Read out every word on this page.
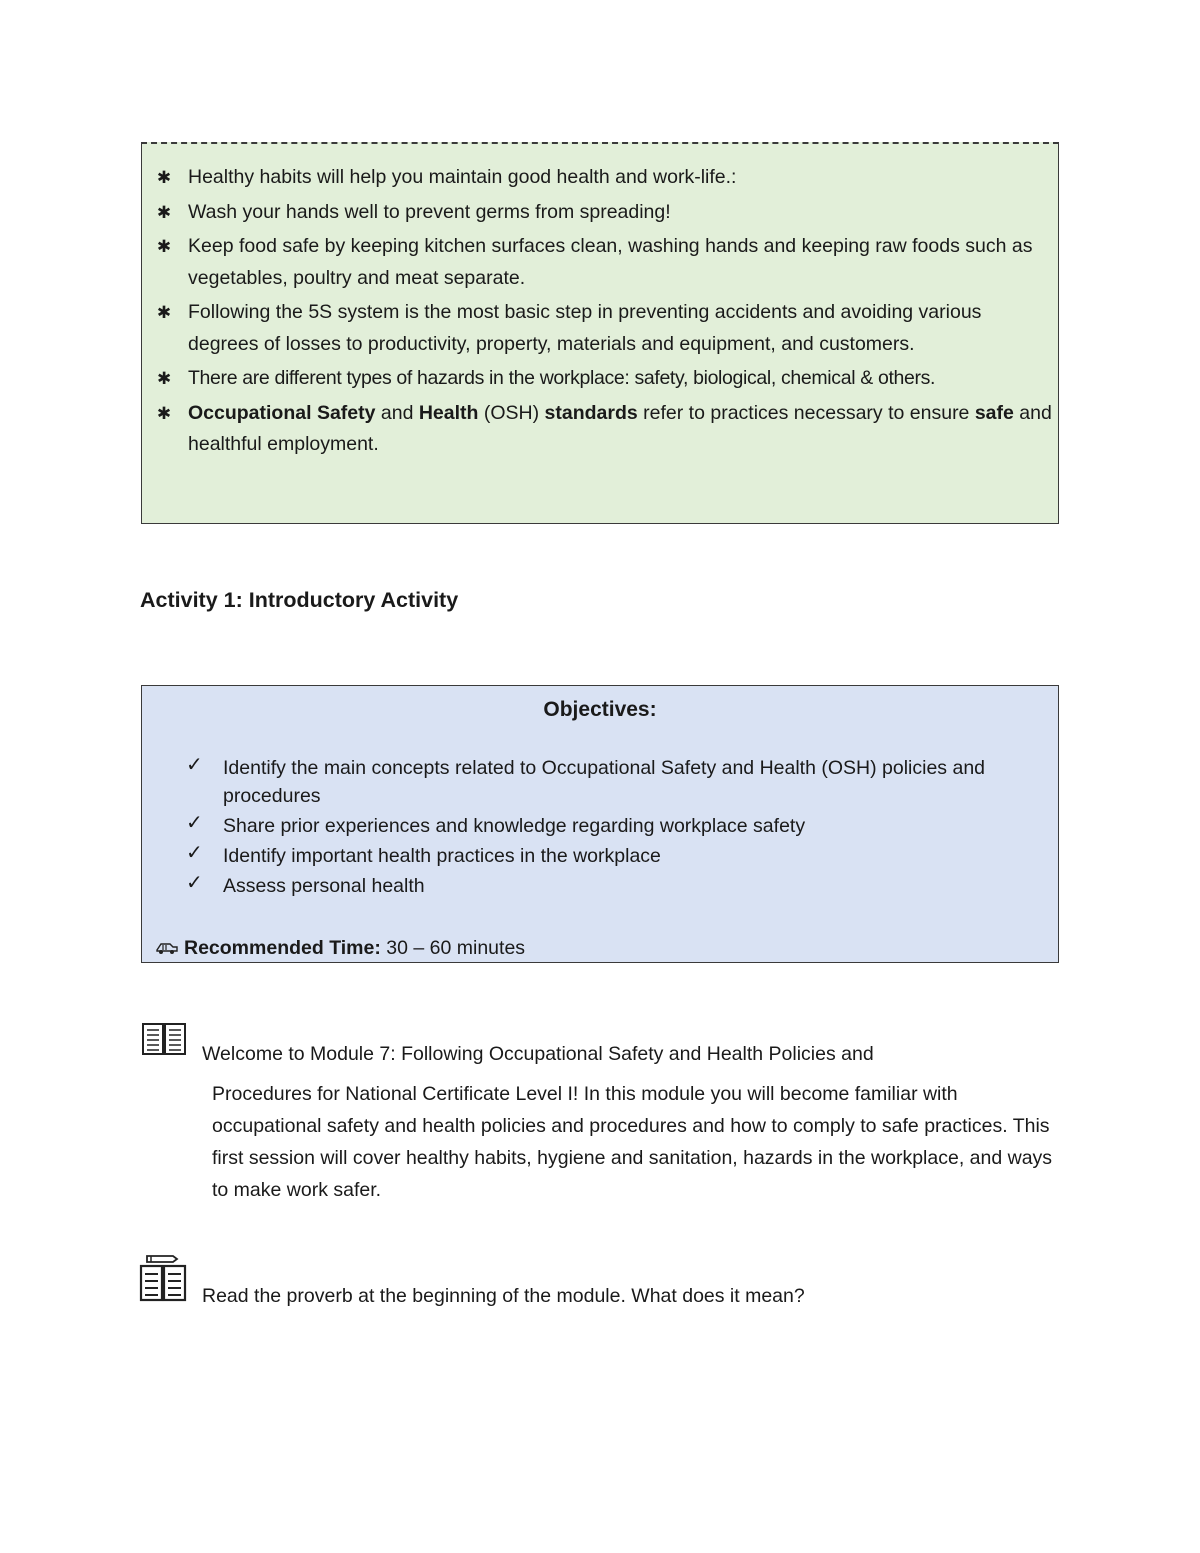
✱ Healthy habits will help you maintain good health and work-life.:
✱ Wash your hands well to prevent germs from spreading!
✱ Keep food safe by keeping kitchen surfaces clean, washing hands and keeping raw foods such as vegetables, poultry and meat separate.
✱ Following the 5S system is the most basic step in preventing accidents and avoiding various degrees of losses to productivity, property, materials and equipment, and customers.
✱ There are different types of hazards in the workplace: safety, biological, chemical & others.
✱ Occupational Safety and Health (OSH) standards refer to practices necessary to ensure safe and healthful employment.
Activity 1: Introductory Activity
Objectives:
✓ Identify the main concepts related to Occupational Safety and Health (OSH) policies and procedures
✓ Share prior experiences and knowledge regarding workplace safety
✓ Identify important health practices in the workplace
✓ Assess personal health
Recommended Time: 30 – 60 minutes

Welcome to Module 7: Following Occupational Safety and Health Policies and

Procedures for National Certificate Level I! In this module you will become familiar with occupational safety and health policies and procedures and how to comply to safe practices. This first session will cover healthy habits, hygiene and sanitation, hazards in the workplace, and ways to make work safer.

Read the proverb at the beginning of the module. What does it mean?
